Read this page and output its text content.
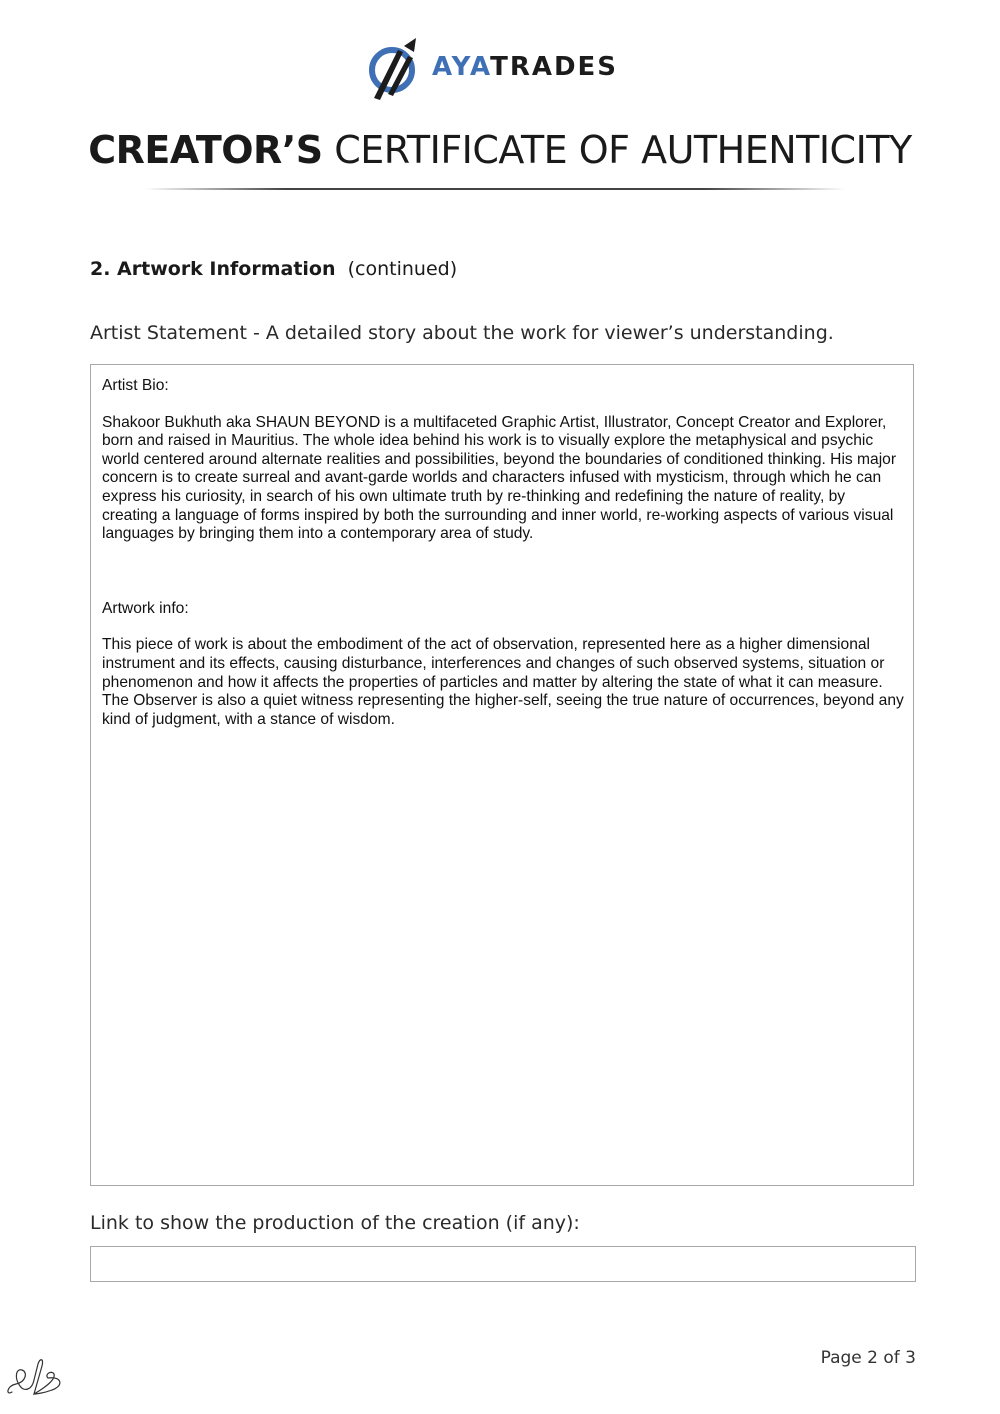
AYATRADES
CREATOR’S CERTIFICATE OF AUTHENTICITY
2. Artwork Information (continued)
Artist Statement - A detailed story about the work for viewer’s understanding.

Artist Bio:

Shakoor Bukhuth aka SHAUN BEYOND is a multifaceted Graphic Artist, Illustrator, Concept Creator and Explorer, born and raised in Mauritius. The whole idea behind his work is to visually explore the metaphysical and psychic world centered around alternate realities and possibilities, beyond the boundaries of conditioned thinking. His major concern is to create surreal and avant-garde worlds and characters infused with mysticism, through which he can express his curiosity, in search of his own ultimate truth by re-thinking and redefining the nature of reality, by creating a language of forms inspired by both the surrounding and inner world, re-working aspects of various visual languages by bringing them into a contemporary area of study.

Artwork info:

This piece of work is about the embodiment of the act of observation, represented here as a higher dimensional instrument and its effects, causing disturbance, interferences and changes of such observed systems, situation or phenomenon and how it affects the properties of particles and matter by altering the state of what it can measure. The Observer is also a quiet witness representing the higher-self, seeing the true nature of occurrences, beyond any kind of judgment, with a stance of wisdom.

Link to show the production of the creation (if any):
Page 2 of 3
